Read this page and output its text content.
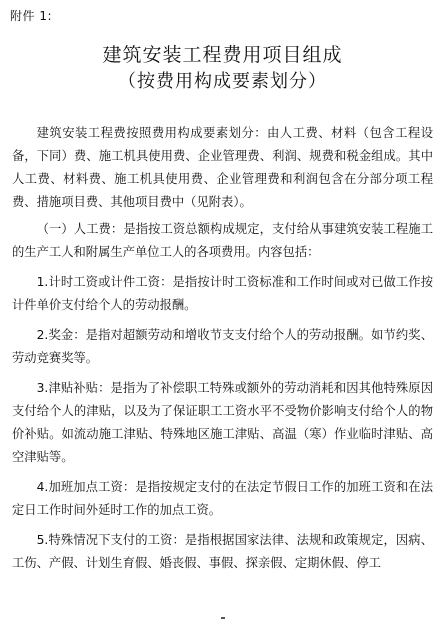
附件 1:
建筑安装工程费用项目组成
（按费用构成要素划分）

建筑安装工程费按照费用构成要素划分：由人工费、材料（包含工程设备，下同）费、施工机具使用费、企业管理费、利润、规费和税金组成。其中人工费、材料费、施工机具使用费、企业管理费和利润包含在分部分项工程费、措施项目费、其他项目费中（见附表）。

（一）人工费：是指按工资总额构成规定，支付给从事建筑安装工程施工的生产工人和附属生产单位工人的各项费用。内容包括：

1.计时工资或计件工资：是指按计时工资标准和工作时间或对已做工作按计件单价支付给个人的劳动报酬。

2.奖金：是指对超额劳动和增收节支支付给个人的劳动报酬。如节约奖、劳动竞赛奖等。

3.津贴补贴：是指为了补偿职工特殊或额外的劳动消耗和因其他特殊原因支付给个人的津贴，以及为了保证职工工资水平不受物价影响支付给个人的物价补贴。如流动施工津贴、特殊地区施工津贴、高温（寒）作业临时津贴、高空津贴等。

4.加班加点工资：是指按规定支付的在法定节假日工作的加班工资和在法定日工作时间外延时工作的加点工资。

5.特殊情况下支付的工资：是指根据国家法律、法规和政策规定，因病、工伤、产假、计划生育假、婚丧假、事假、探亲假、定期休假、停工
